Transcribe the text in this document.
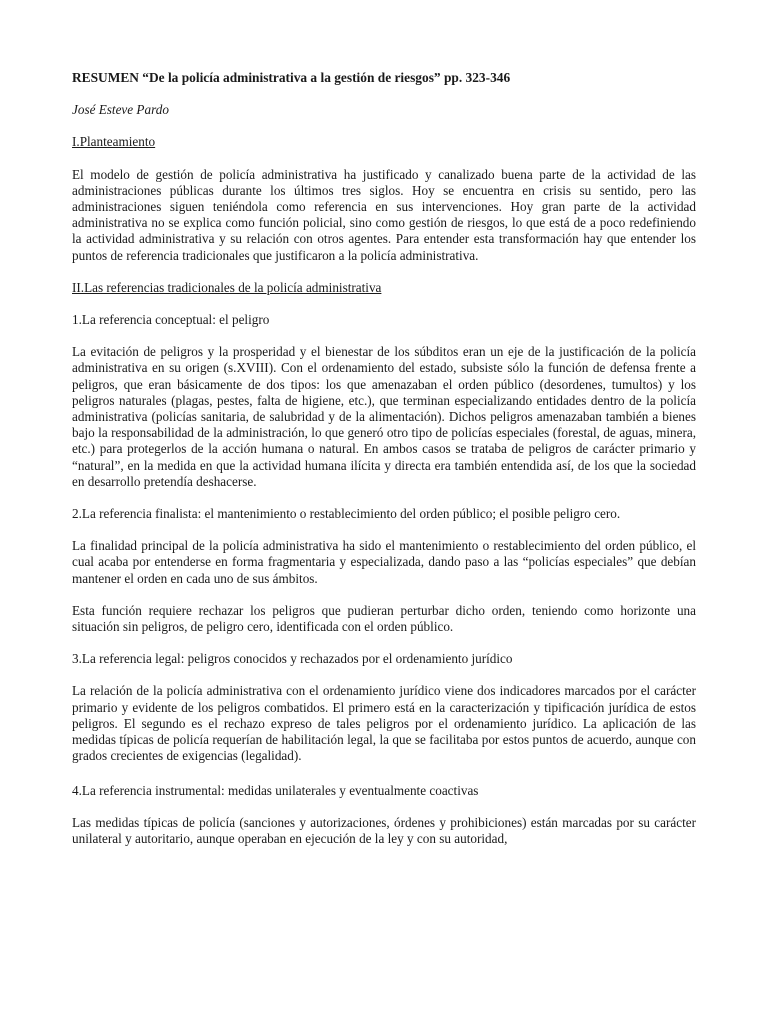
RESUMEN “De la policía administrativa a la gestión de riesgos” pp. 323-346

José Esteve Pardo

I.Planteamiento

El modelo de gestión de policía administrativa ha justificado y canalizado buena parte de la actividad de las administraciones públicas durante los últimos tres siglos. Hoy se encuentra en crisis su sentido, pero las administraciones siguen teniéndola como referencia en sus intervenciones. Hoy gran parte de la actividad administrativa no se explica como función policial, sino como gestión de riesgos, lo que está de a poco redefiniendo la actividad administrativa y su relación con otros agentes. Para entender esta transformación hay que entender los puntos de referencia tradicionales que justificaron a la policía administrativa.

II.Las referencias tradicionales de la policía administrativa

1.La referencia conceptual: el peligro

La evitación de peligros y la prosperidad y el bienestar de los súbditos eran un eje de la justificación de la policía administrativa en su origen (s.XVIII). Con el ordenamiento del estado, subsiste sólo la función de defensa frente a peligros, que eran básicamente de dos tipos: los que amenazaban el orden público (desordenes, tumultos) y los peligros naturales (plagas, pestes, falta de higiene, etc.), que terminan especializando entidades dentro de la policía administrativa (policías sanitaria, de salubridad y de la alimentación). Dichos peligros amenazaban también a bienes bajo la responsabilidad de la administración, lo que generó otro tipo de policías especiales (forestal, de aguas, minera, etc.) para protegerlos de la acción humana o natural. En ambos casos se trataba de peligros de carácter primario y “natural”, en la medida en que la actividad humana ilícita y directa era también entendida así, de los que la sociedad en desarrollo pretendía deshacerse.

2.La referencia finalista: el mantenimiento o restablecimiento del orden público; el posible peligro cero.

La finalidad principal de la policía administrativa ha sido el mantenimiento o restablecimiento del orden público, el cual acaba por entenderse en forma fragmentaria y especializada, dando paso a las “policías especiales” que debían mantener el orden en cada uno de sus ámbitos.

Esta función requiere rechazar los peligros que pudieran perturbar dicho orden, teniendo como horizonte una situación sin peligros, de peligro cero, identificada con el orden público.

3.La referencia legal: peligros conocidos y rechazados por el ordenamiento jurídico

La relación de la policía administrativa con el ordenamiento jurídico viene dos indicadores marcados por el carácter primario y evidente de los peligros combatidos. El primero está en la caracterización y tipificación jurídica de estos peligros. El segundo es el rechazo expreso de tales peligros por el ordenamiento jurídico. La aplicación de las medidas típicas de policía requerían de habilitación legal, la que se facilitaba por estos puntos de acuerdo, aunque con grados crecientes de exigencias (legalidad).

4.La referencia instrumental: medidas unilaterales y eventualmente coactivas

Las medidas típicas de policía (sanciones y autorizaciones, órdenes y prohibiciones) están marcadas por su carácter unilateral y autoritario, aunque operaban en ejecución de la ley y con su autoridad,
